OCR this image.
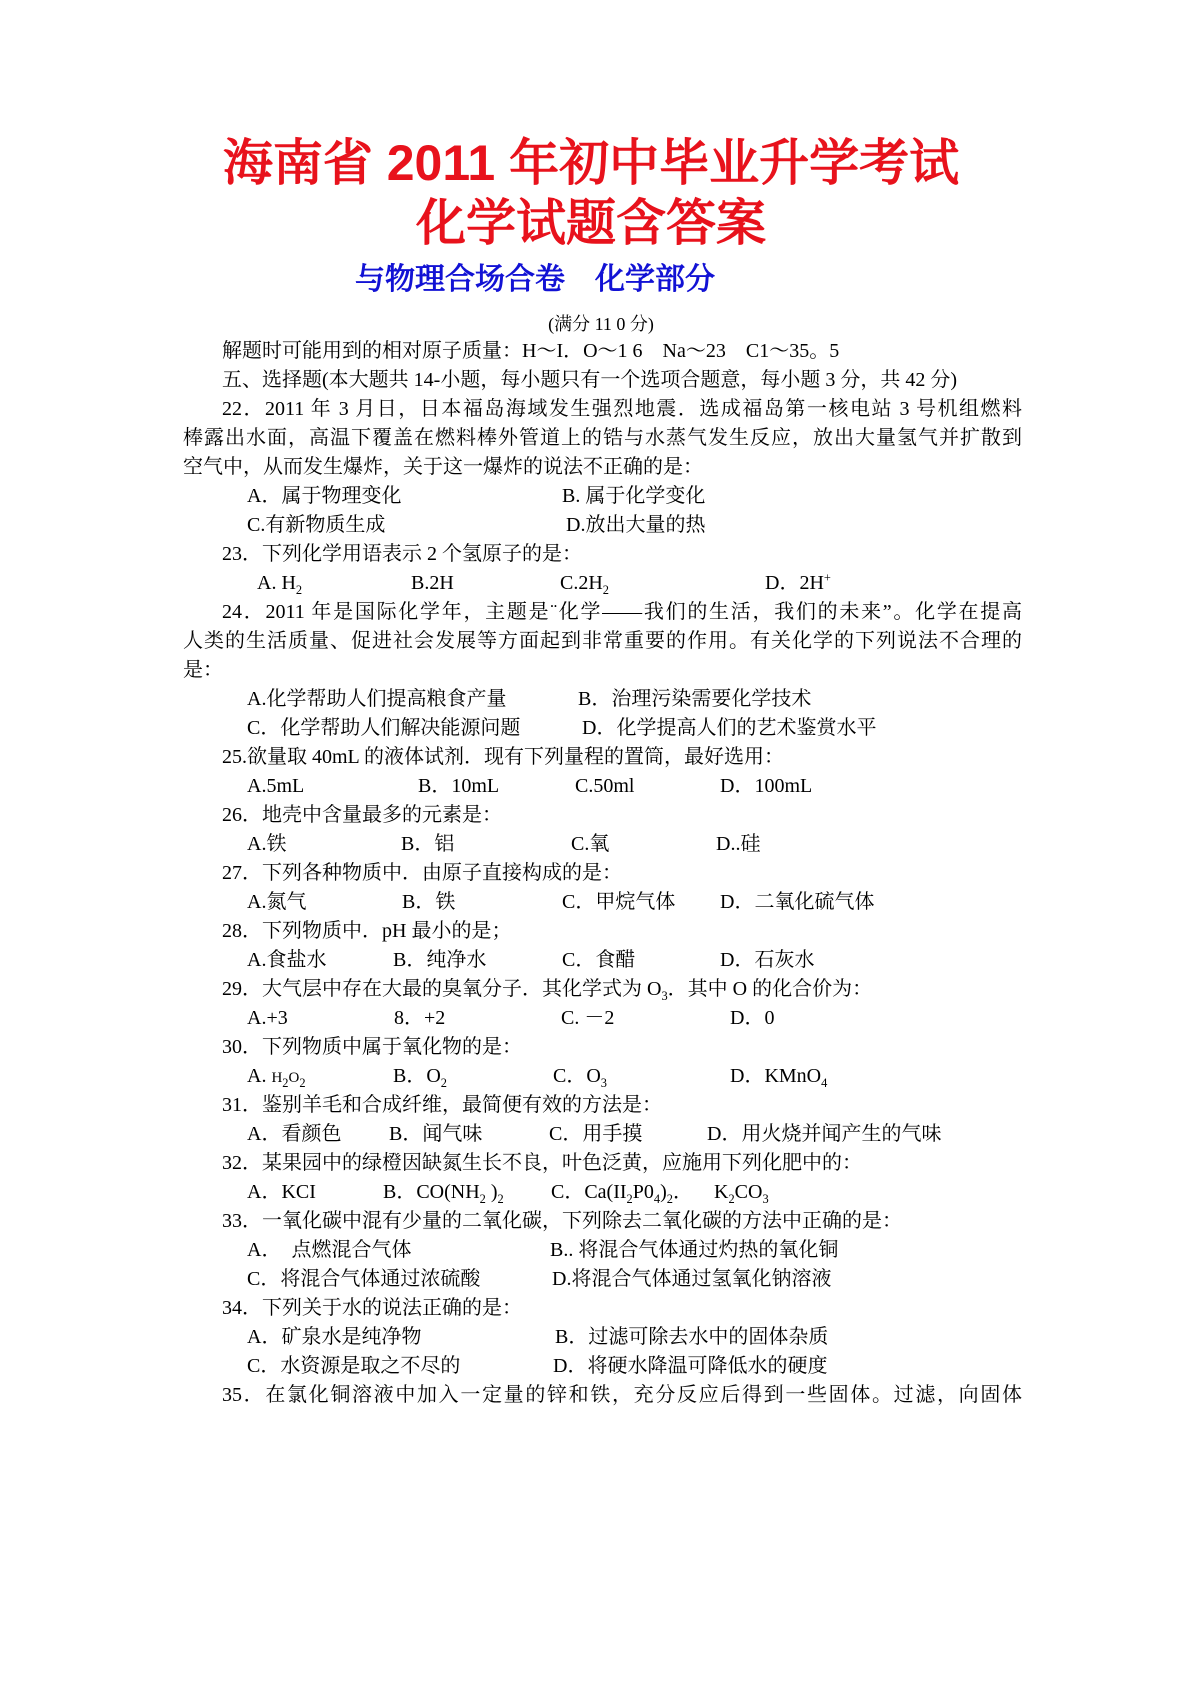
海南省 2011 年初中毕业升学考试
化学试题含答案
与物理合场合卷　化学部分
(满分 11 0 分)
解题时可能用到的相对原子质量：H～I．O～1 6　Na～23　C1～35。5
五、选择题(本大题共 14-小题，每小题只有一个选项合题意，每小题 3 分，共 42 分)
22．2011 年 3 月日，日本福岛海域发生强烈地震．选成福岛第一核电站 3 号机组燃料
棒露出水面，高温下覆盖在燃料棒外管道上的锆与水蒸气发生反应，放出大量氢气并扩散到
空气中，从而发生爆炸，关于这一爆炸的说法不正确的是：
A．属于物理变化	B. 属于化学变化
C.有新物质生成	D.放出大量的热
23．下列化学用语表示 2 个氢原子的是：
A. $H_2$	B.2H	$C.2H_2$	D．2H+
24．2011 年是国际化学年，主题是¨化学——我们的生活，我们的未来”。化学在提高
人类的生活质量、促进社会发展等方面起到非常重要的作用。有关化学的下列说法不合理的
是：
A.化学帮助人们提高粮食产量	B．治理污染需要化学技术
C．化学帮助人们解决能源问题	D．化学提高人们的艺术鉴赏水平
25.欲量取 40mL 的液体试剂．现有下列量程的置筒，最好选用：
A.5mL	B．10mL	C.50ml	D．100mL
26．地壳中含量最多的元素是：
A.铁	B．铝	C.氧	D..硅
27．下列各种物质中．由原子直接构成的是：
A.氮气	B．铁	C．甲烷气体 D．二氧化硫气体
28．下列物质中．pH 最小的是；
A.食盐水	B．纯净水	C．食醋	D．石灰水
29．大气层中存在大最的臭氧分子．其化学式为 $O_3$．其中 O 的化合价为：
A.+3	8．+2	C. －2	D．0
30．下列物质中属于氧化物的是：
A. $H_2O_2$	B．$O_2$	C．$O_3$	D．KMnO$_4$
31．鉴别羊毛和合成纤维，最简便有效的方法是：
A．看颜色 B．闻气味	C．用手摸	D．用火烧并闻产生的气味
32．某果园中的绿橙因缺氮生长不良，叶色泛黄，应施用下列化肥中的：
A．KCI	B．$CO(NH_2$ )$_2$ C．$Ca(II_2P0_4)_2$． $K_2CO_3$
33．一氧化碳中混有少量的二氧化碳，下列除去二氧化碳的方法中正确的是：
A．  点燃混合气体	B.. 将混合气体通过灼热的氧化铜
C．将混合气体通过浓硫酸	D.将混合气体通过氢氧化钠溶液
34．下列关于水的说法正确的是：
A．矿泉水是纯净物	B．过滤可除去水中的固体杂质
C．水资源是取之不尽的	D．将硬水降温可降低水的硬度
35．在氯化铜溶液中加入一定量的锌和铁，充分反应后得到一些固体。过滤，向固体
